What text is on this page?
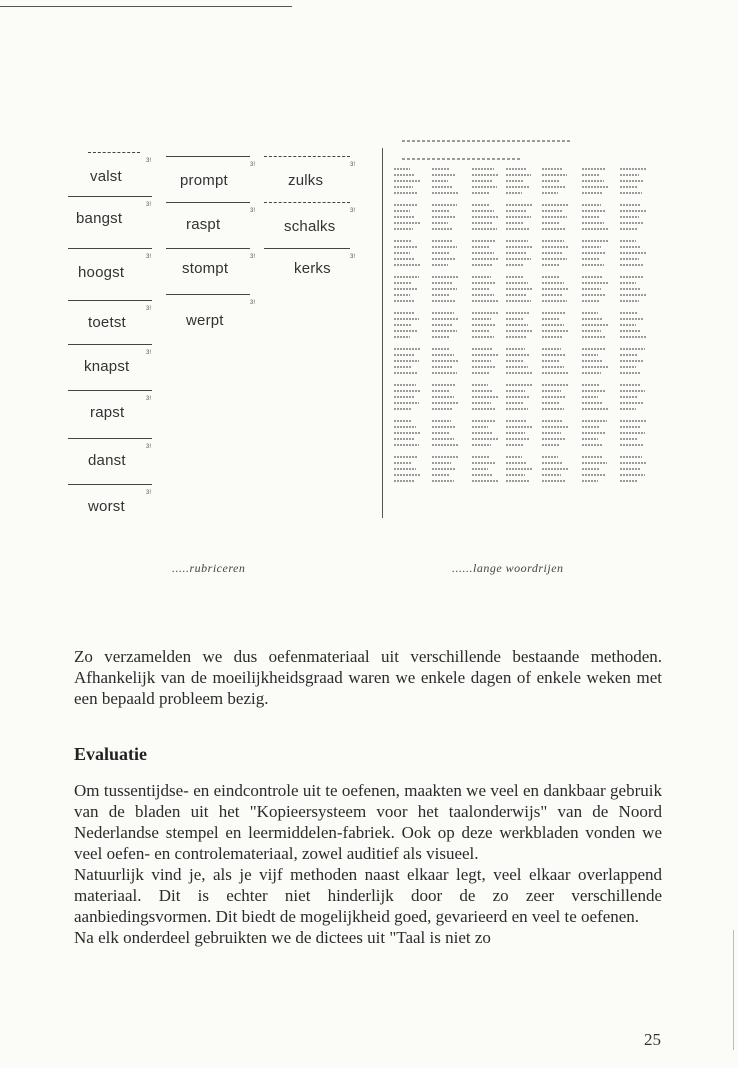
3!
valst
3!
bangst
3!
hoogst
3!
toetst
3!
knapst
3!
rapst
3!
danst
3!
worst
3!
prompt
3!
raspt
3!
stompt
3!
werpt
3!
zulks
3!
schalks
3!
kerks
.....rubriceren	......lange woordrijen

Zo verzamelden we dus oefenmateriaal uit verschillende bestaande methoden. Afhankelijk van de moeilijkheidsgraad waren we enkele dagen of enkele weken met een bepaald probleem bezig.

Evaluatie

Om tussentijdse- en eindcontrole uit te oefenen, maakten we veel en dankbaar gebruik van de bladen uit het "Kopieersysteem voor het taalonderwijs" van de Noord Nederlandse stempel en leermiddelen-fabriek. Ook op deze werkbladen vonden we veel oefen- en controlemateriaal, zowel auditief als visueel.

Natuurlijk vind je, als je vijf methoden naast elkaar legt, veel elkaar overlappend materiaal. Dit is echter niet hinderlijk door de zo zeer verschillende aanbiedingsvormen. Dit biedt de mogelijkheid goed, gevarieerd en veel te oefenen.

Na elk onderdeel gebruikten we de dictees uit "Taal is niet zo

25
